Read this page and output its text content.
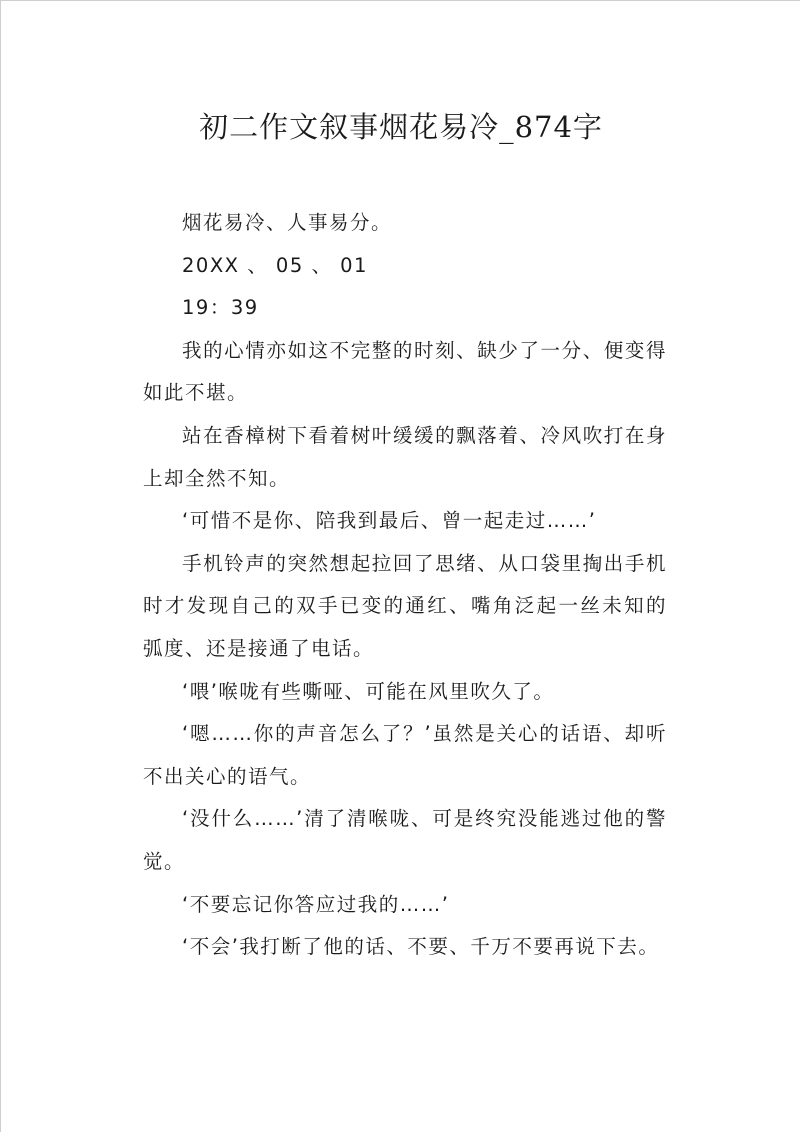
初二作文叙事烟花易冷_874字

烟花易冷、人事易分。

20XX 、 05 、 01

19：39

我的心情亦如这不完整的时刻、缺少了一分、便变得如此不堪。

站在香樟树下看着树叶缓缓的飘落着、冷风吹打在身上却全然不知。

‘可惜不是你、陪我到最后、曾一起走过……’

手机铃声的突然想起拉回了思绪、从口袋里掏出手机时才发现自己的双手已变的通红、嘴角泛起一丝未知的弧度、还是接通了电话。

‘喂’喉咙有些嘶哑、可能在风里吹久了。

‘嗯……你的声音怎么了？’虽然是关心的话语、却听不出关心的语气。

‘没什么……’清了清喉咙、可是终究没能逃过他的警觉。

‘不要忘记你答应过我的……’

‘不会’我打断了他的话、不要、千万不要再说下去。
